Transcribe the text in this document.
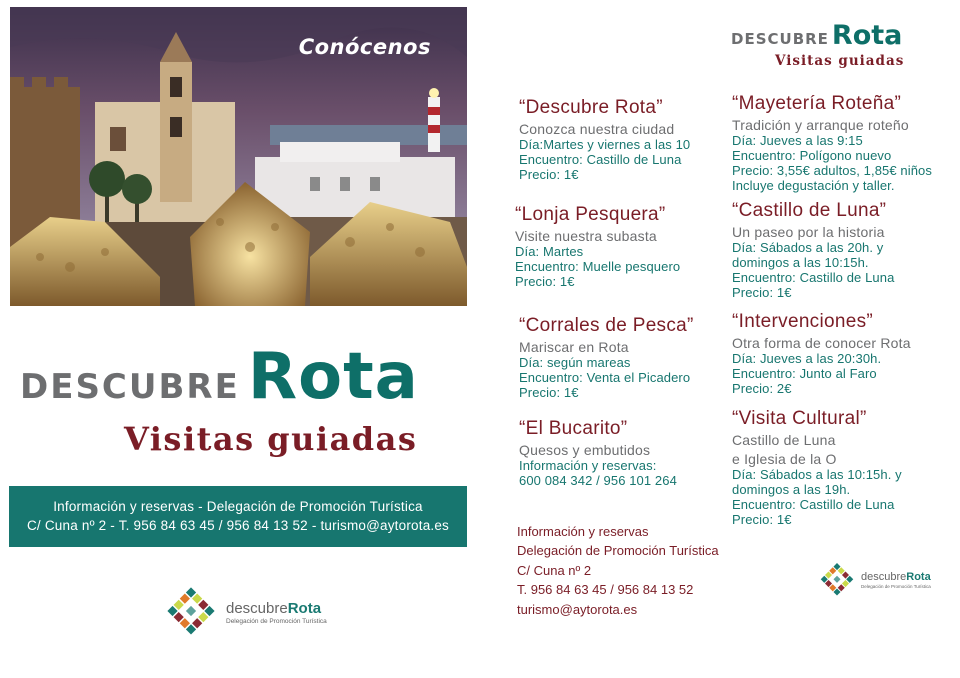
Conócenos
DESCUBRE Rota
Visitas guiadas
Información y reservas - Delegación de Promoción Turística
C/ Cuna nº 2 - T. 956 84 63 45 / 956 84 13 52 - turismo@aytorota.es
descubreRota
Delegación de Promoción Turística
DESCUBRE Rota
Visitas guiadas
“Descubre Rota”
Conozca nuestra ciudad
Día:Martes y viernes a las 10
Encuentro: Castillo de Luna
Precio: 1€
“Lonja Pesquera”
Visite nuestra subasta
Día: Martes
Encuentro: Muelle pesquero
Precio: 1€
“Corrales de Pesca”
Mariscar en Rota
Día: según mareas
Encuentro: Venta el Picadero
Precio: 1€
“El Bucarito”
Quesos y embutidos
Información y reservas:
600 084 342 / 956 101 264
“Mayetería Roteña”
Tradición y arranque roteño
Día: Jueves a las 9:15
Encuentro: Polígono nuevo
Precio: 3,55€ adultos, 1,85€ niños
Incluye degustación y taller.
“Castillo de Luna”
Un paseo por la historia
Día: Sábados a las 20h. y
domingos a las 10:15h.
Encuentro: Castillo de Luna
Precio: 1€
“Intervenciones”
Otra forma de conocer Rota
Día: Jueves a las 20:30h.
Encuentro: Junto al Faro
Precio: 2€
“Visita Cultural”
Castillo de Luna
e Iglesia de la O
Día: Sábados a las 10:15h. y
domingos a las 19h.
Encuentro: Castillo de Luna
Precio: 1€
Información y reservas
Delegación de Promoción Turística
C/ Cuna nº 2
T. 956 84 63 45 / 956 84 13 52
turismo@aytorota.es
descubreRota
Delegación de Promoción Turística
